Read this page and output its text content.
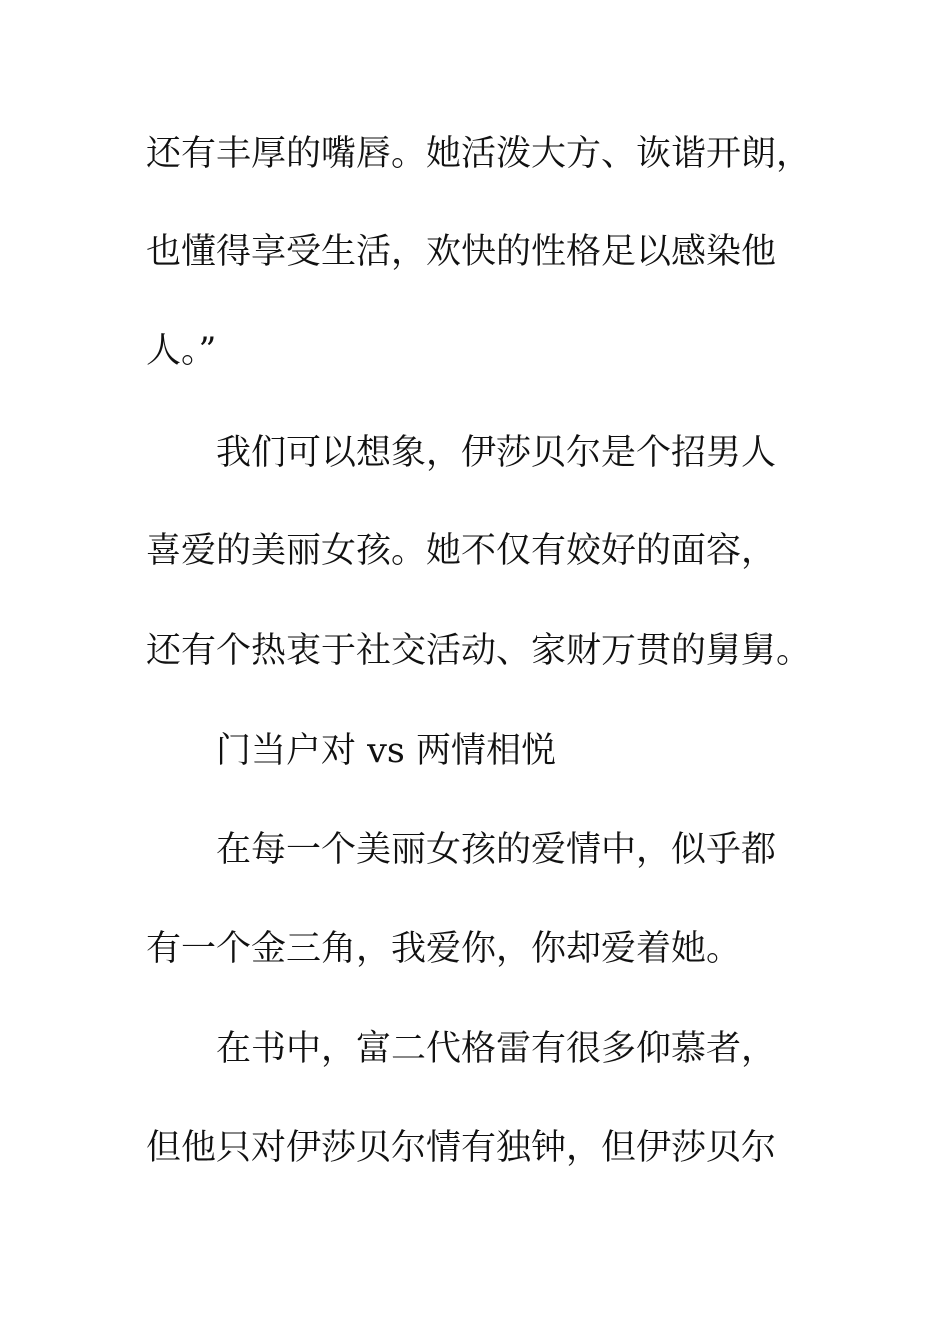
还有丰厚的嘴唇。她活泼大方、诙谐开朗，
也懂得享受生活，欢快的性格足以感染他
人。”
我们可以想象，伊莎贝尔是个招男人
喜爱的美丽女孩。她不仅有姣好的面容，
还有个热衷于社交活动、家财万贯的舅舅。
门当户对 vs 两情相悦
在每一个美丽女孩的爱情中，似乎都
有一个金三角，我爱你，你却爱着她。
在书中，富二代格雷有很多仰慕者，
但他只对伊莎贝尔情有独钟，但伊莎贝尔
